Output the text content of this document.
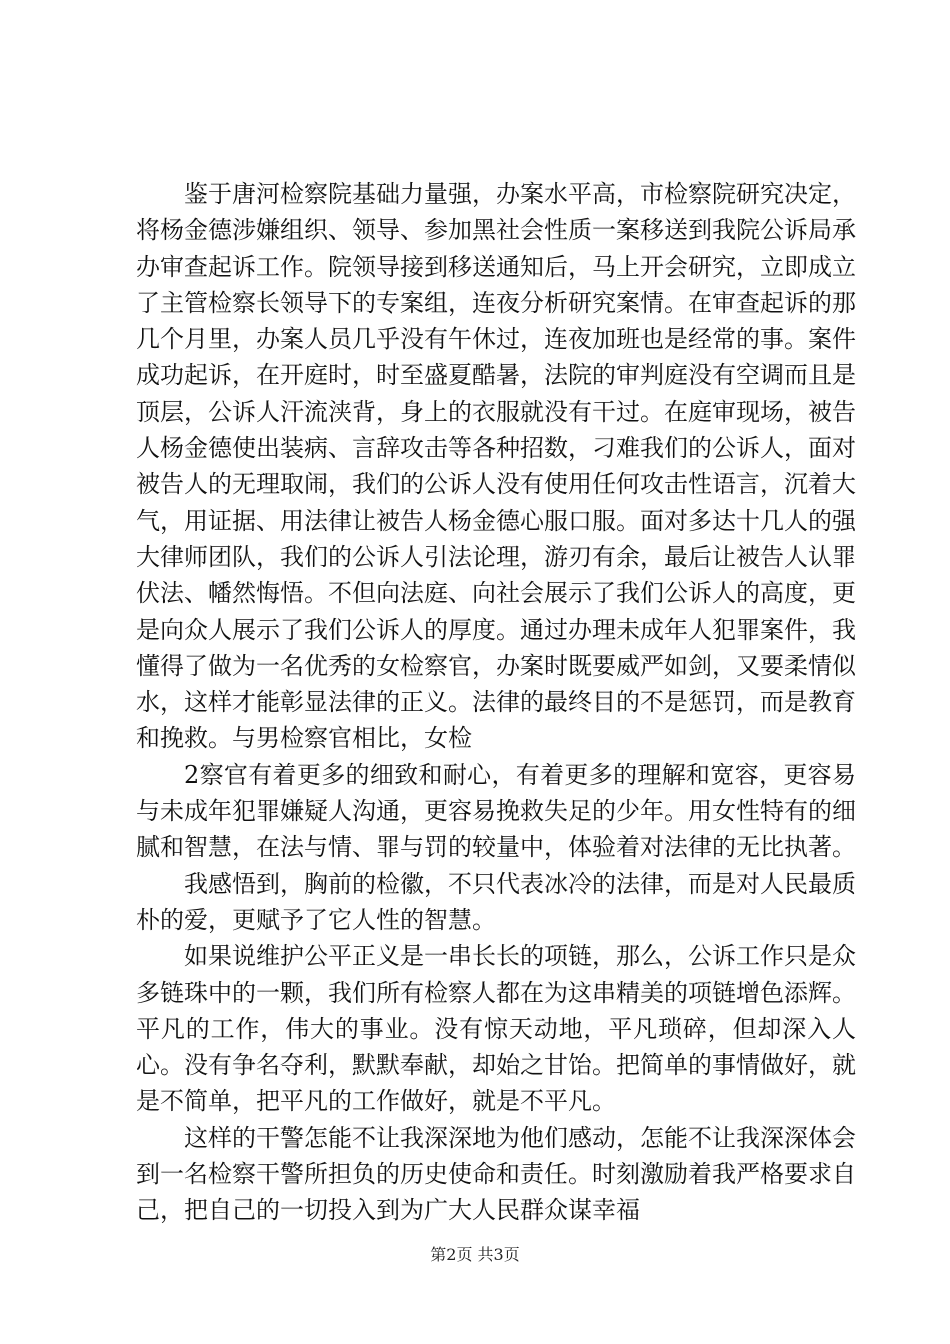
鉴于唐河检察院基础力量强，办案水平高，市检察院研究决定，将杨金德涉嫌组织、领导、参加黑社会性质一案移送到我院公诉局承办审查起诉工作。院领导接到移送通知后，马上开会研究，立即成立了主管检察长领导下的专案组，连夜分析研究案情。在审查起诉的那几个月里，办案人员几乎没有午休过，连夜加班也是经常的事。案件成功起诉，在开庭时，时至盛夏酷暑，法院的审判庭没有空调而且是顶层，公诉人汗流浃背，身上的衣服就没有干过。在庭审现场，被告人杨金德使出装病、言辞攻击等各种招数，刁难我们的公诉人，面对被告人的无理取闹，我们的公诉人没有使用任何攻击性语言，沉着大气，用证据、用法律让被告人杨金德心服口服。面对多达十几人的强大律师团队，我们的公诉人引法论理，游刃有余，最后让被告人认罪伏法、幡然悔悟。不但向法庭、向社会展示了我们公诉人的高度，更是向众人展示了我们公诉人的厚度。通过办理未成年人犯罪案件，我懂得了做为一名优秀的女检察官，办案时既要威严如剑，又要柔情似水，这样才能彰显法律的正义。法律的最终目的不是惩罚，而是教育和挽救。与男检察官相比，女检

2察官有着更多的细致和耐心，有着更多的理解和宽容，更容易与未成年犯罪嫌疑人沟通，更容易挽救失足的少年。用女性特有的细腻和智慧，在法与情、罪与罚的较量中，体验着对法律的无比执著。

我感悟到，胸前的检徽，不只代表冰冷的法律，而是对人民最质朴的爱，更赋予了它人性的智慧。

如果说维护公平正义是一串长长的项链，那么，公诉工作只是众多链珠中的一颗，我们所有检察人都在为这串精美的项链增色添辉。平凡的工作，伟大的事业。没有惊天动地，平凡琐碎，但却深入人心。没有争名夺利，默默奉献，却始之甘饴。把简单的事情做好，就是不简单，把平凡的工作做好，就是不平凡。

这样的干警怎能不让我深深地为他们感动，怎能不让我深深体会到一名检察干警所担负的历史使命和责任。时刻激励着我严格要求自己，把自己的一切投入到为广大人民群众谋幸福

第2页 共3页
